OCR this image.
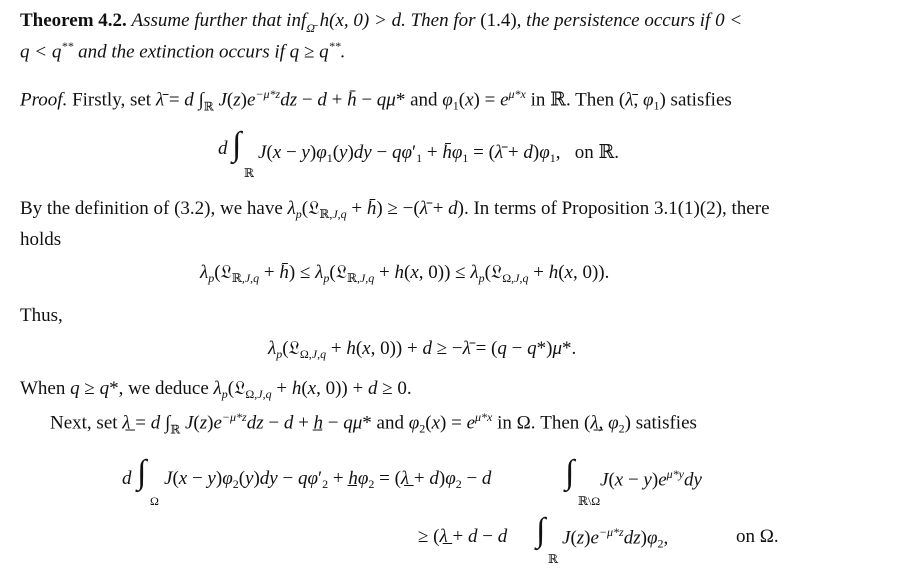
Theorem 4.2. Assume further that inf$_{\Omegā}$ h(x, 0) > d. Then for (1.4), the persistence occurs if 0 <
q < q** and the extinction occurs if q ≥ q**.
Proof. Firstly, set λ̄ = d $\int_ℝ$ $J(z)e^{-\mu*z}dz - d$ + h̄ − qμ* and $\varphi_1(x) = e^{\mu*x}$ in ℝ. Then (λ̄, $\varphi_1$) satisfies
d ∫
ℝ
$J(x - y)\varphi_1(y)dy - q\varphi'_1$ + $h̄\varphi_1$ = (λ̄ + $d)\varphi_1$,   on ℝ.
By the definition of (3.2), we have $\lambda_p(𝔏_{ℝ,J,q}$ + h̄) ≥ −(λ̄ + d). In terms of Proposition 3.1(1)(2), there
holds
$\lambda_p(𝔏_{ℝ,J,q}$ + h̄) ≤ $\lambda_p(𝔏_{ℝ,J,q} + h(x$, $0)) \le \lambda_p(𝔏_{\Omega,J,q} + h(x$, 0)).
Thus,
$\lambda_p(𝔏_{\Omega,J,q} + h(x$, 0)) + d ≥ −λ̄ = (q − q*)μ*.
When q ≥ q*, we deduce $\lambda_p(𝔏_{\Omega,J,q} + h(x$, 0)) + d ≥ 0.
Next, set λ̲ = d $\int_ℝ$ $J(z)e^{-\mu*z}dz - d$ + h̲ − qμ* and $\varphi_2(x) = e^{\mu*x}$ in Ω. Then (λ̲, $\varphi_2$) satisfies
d ∫
Ω
$J(x - y)\varphi_2(y)dy - q\varphi'_2$ + $h̲\varphi_2$ = (λ̲ + $d)\varphi_2 - d$ ∫
ℝ\Ω
$J(x - y)e^{\mu*y}dy$
≥ (λ̲ + d − d ∫
ℝ
$J(z)e^{-\mu*z}dz)\varphi_2$,	on Ω.
